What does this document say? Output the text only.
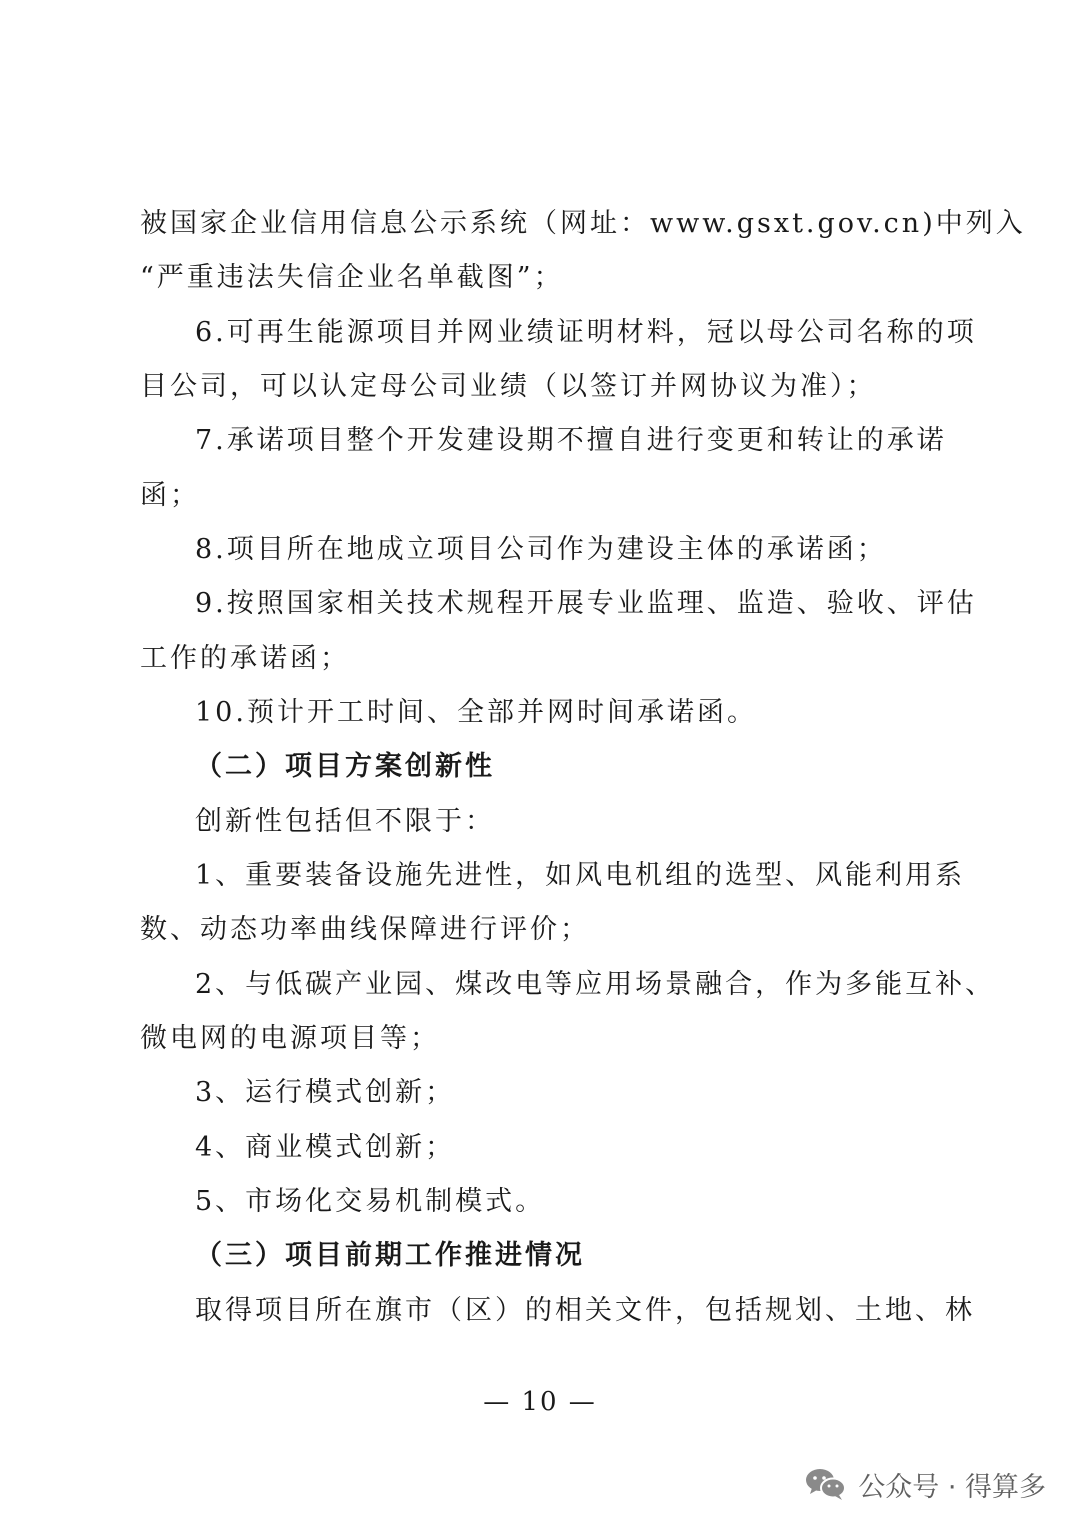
被国家企业信用信息公示系统（网址：www.gsxt.gov.cn)中列入
“严重违法失信企业名单截图”；
6.可再生能源项目并网业绩证明材料，冠以母公司名称的项
目公司，可以认定母公司业绩（以签订并网协议为准）；
7.承诺项目整个开发建设期不擅自进行变更和转让的承诺
函；
8.项目所在地成立项目公司作为建设主体的承诺函；
9.按照国家相关技术规程开展专业监理、监造、验收、评估
工作的承诺函；
10.预计开工时间、全部并网时间承诺函。
（二）项目方案创新性
创新性包括但不限于：
1、重要装备设施先进性，如风电机组的选型、风能利用系
数、动态功率曲线保障进行评价；
2、与低碳产业园、煤改电等应用场景融合，作为多能互补、
微电网的电源项目等；
3、运行模式创新；
4、商业模式创新；
5、市场化交易机制模式。
（三）项目前期工作推进情况
取得项目所在旗市（区）的相关文件，包括规划、土地、林
— 10 —
公众号 · 得算多
